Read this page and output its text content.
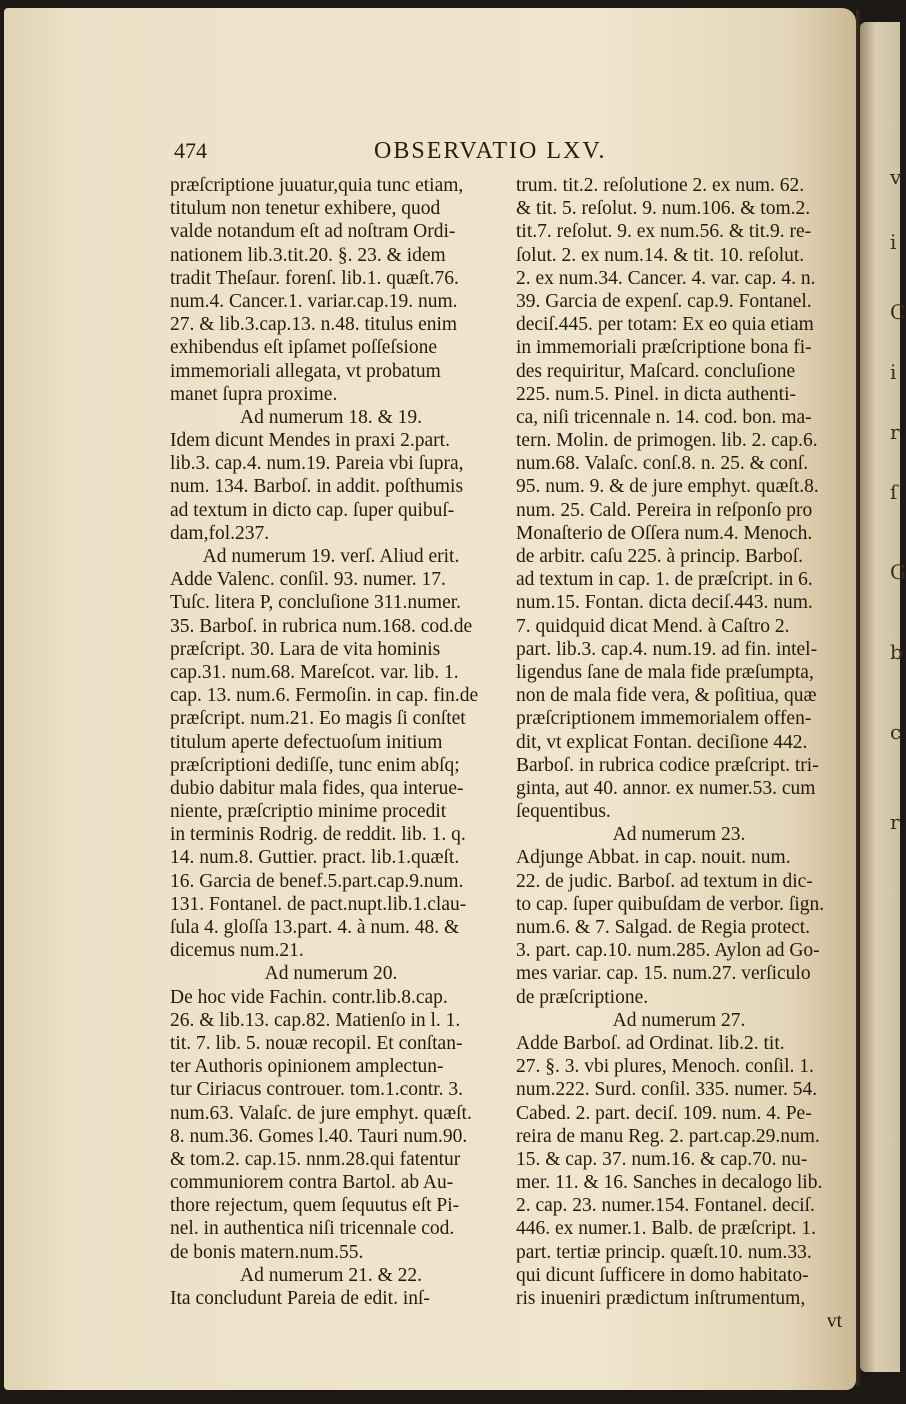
474	OBSERVATIO LXV.
præſcriptione juuatur,quia tunc etiam,
titulum non tenetur exhibere, quod
valde notandum eſt ad noſtram Ordi-
nationem lib.3.tit.20. §. 23. & idem
tradit Theſaur. forenſ. lib.1. quæſt.76.
num.4. Cancer.1. variar.cap.19. num.
27. & lib.3.cap.13. n.48. titulus enim
exhibendus eſt ipſamet poſſeſsione
immemoriali allegata, vt probatum
manet ſupra proxime.
Ad numerum 18. & 19.
Idem dicunt Mendes in praxi 2.part.
lib.3. cap.4. num.19. Pareia vbi ſupra,
num. 134. Barboſ. in addit. poſthumis
ad textum in dicto cap. ſuper quibuſ-
dam,fol.237.
Ad numerum 19. verſ. Aliud erit.
Adde Valenc. conſil. 93. numer. 17.
Tuſc. litera P, concluſione 311.numer.
35. Barboſ. in rubrica num.168. cod.de
præſcript. 30. Lara de vita hominis
cap.31. num.68. Mareſcot. var. lib. 1.
cap. 13. num.6. Fermoſin. in cap. fin.de
præſcript. num.21. Eo magis ſi conſtet
titulum aperte defectuoſum initium
præſcriptioni dediſſe, tunc enim abſq;
dubio dabitur mala fides, qua interue-
niente, præſcriptio minime procedit
in terminis Rodrig. de reddit. lib. 1. q.
14. num.8. Guttier. pract. lib.1.quæſt.
16. Garcia de benef.5.part.cap.9.num.
131. Fontanel. de pact.nupt.lib.1.clau-
ſula 4. gloſſa 13.part. 4. à num. 48. &
dicemus num.21.
Ad numerum 20.
De hoc vide Fachin. contr.lib.8.cap.
26. & lib.13. cap.82. Matienſo in l. 1.
tit. 7. lib. 5. nouæ recopil. Et conſtan-
ter Authoris opinionem amplectun-
tur Ciriacus controuer. tom.1.contr. 3.
num.63. Valaſc. de jure emphyt. quæſt.
8. num.36. Gomes l.40. Tauri num.90.
& tom.2. cap.15. nnm.28.qui fatentur
communiorem contra Bartol. ab Au-
thore rejectum, quem ſequutus eſt Pi-
nel. in authentica niſi tricennale cod.
de bonis matern.num.55.
Ad numerum 21. & 22.
Ita concludunt Pareia de edit. inſ-
trum. tit.2. reſolutione 2. ex num. 62.
& tit. 5. reſolut. 9. num.106. & tom.2.
tit.7. reſolut. 9. ex num.56. & tit.9. re-
ſolut. 2. ex num.14. & tit. 10. reſolut.
2. ex num.34. Cancer. 4. var. cap. 4. n.
39. Garcia de expenſ. cap.9. Fontanel.
deciſ.445. per totam: Ex eo quia etiam
in immemoriali præſcriptione bona fi-
des requiritur, Maſcard. concluſione
225. num.5. Pinel. in dicta authenti-
ca, niſi tricennale n. 14. cod. bon. ma-
tern. Molin. de primogen. lib. 2. cap.6.
num.68. Valaſc. conſ.8. n. 25. & conſ.
95. num. 9. & de jure emphyt. quæſt.8.
num. 25. Cald. Pereira in reſponſo pro
Monaſterio de Oſſera num.4. Menoch.
de arbitr. caſu 225. à princip. Barboſ.
ad textum in cap. 1. de præſcript. in 6.
num.15. Fontan. dicta deciſ.443. num.
7. quidquid dicat Mend. à Caſtro 2.
part. lib.3. cap.4. num.19. ad fin. intel-
ligendus ſane de mala fide præſumpta,
non de mala fide vera, & poſitiua, quæ
præſcriptionem immemorialem offen-
dit, vt explicat Fontan. deciſione 442.
Barboſ. in rubrica codice præſcript. tri-
ginta, aut 40. annor. ex numer.53. cum
ſequentibus.
Ad numerum 23.
Adjunge Abbat. in cap. nouit. num.
22. de judic. Barboſ. ad textum in dic-
to cap. ſuper quibuſdam de verbor. ſign.
num.6. & 7. Salgad. de Regia protect.
3. part. cap.10. num.285. Aylon ad Go-
mes variar. cap. 15. num.27. verſiculo
de præſcriptione.
Ad numerum 27.
Adde Barboſ. ad Ordinat. lib.2. tit.
27. §. 3. vbi plures, Menoch. conſil. 1.
num.222. Surd. conſil. 335. numer. 54.
Cabed. 2. part. deciſ. 109. num. 4. Pe-
reira de manu Reg. 2. part.cap.29.num.
15. & cap. 37. num.16. & cap.70. nu-
mer. 11. & 16. Sanches in decalogo lib.
2. cap. 23. numer.154. Fontanel. deciſ.
446. ex numer.1. Balb. de præſcript. 1.
part. tertiæ princip. quæſt.10. num.33.
qui dicunt ſufficere in domo habitato-
ris inueniri prædictum inſtrumentum,
vt
v
i
C
i
r
ſ
G
b
c
r
